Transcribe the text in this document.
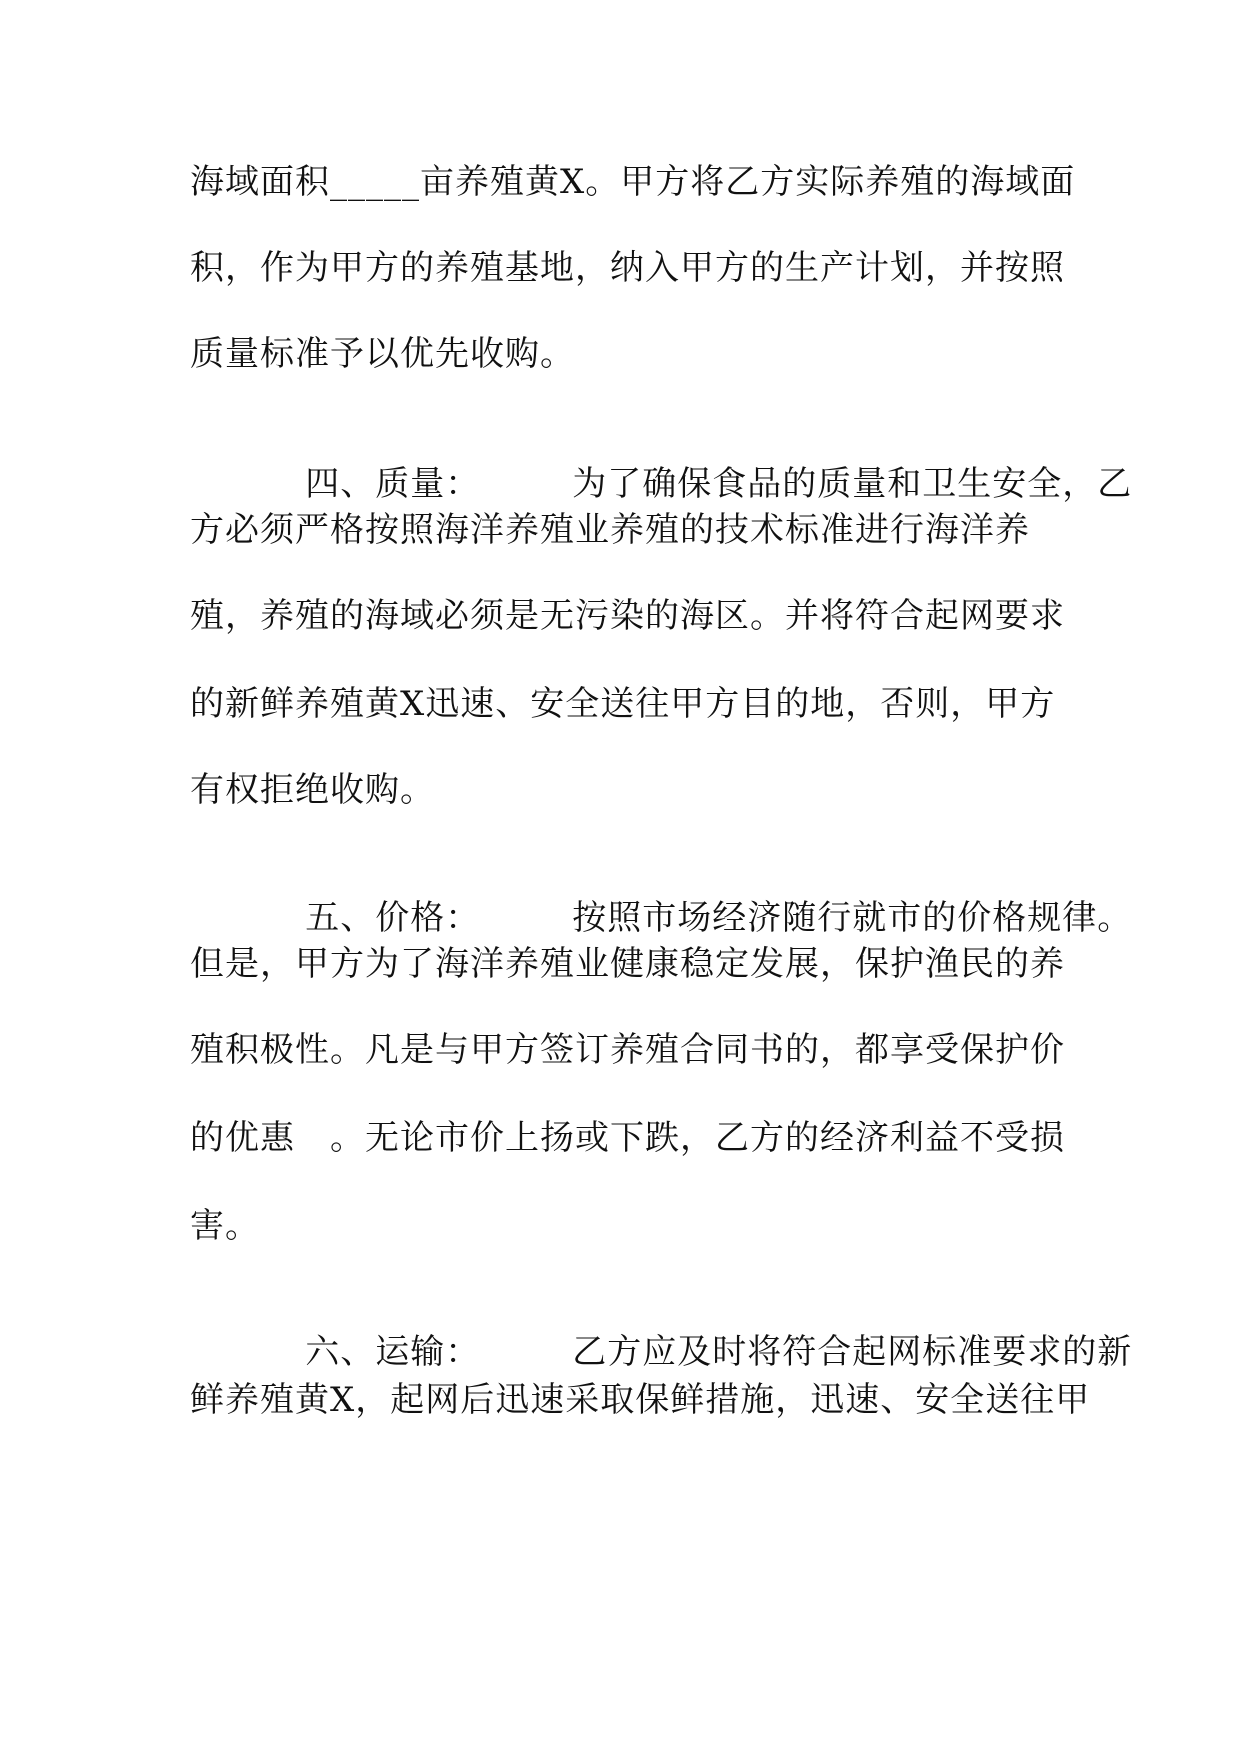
海域面积_____亩养殖黄X。甲方将乙方实际养殖的海域面
积，作为甲方的养殖基地，纳入甲方的生产计划，并按照
质量标准予以优先收购。

四、质量：	为了确保食品的质量和卫生安全，乙

方必须严格按照海洋养殖业养殖的技术标准进行海洋养
殖，养殖的海域必须是无污染的海区。并将符合起网要求
的新鲜养殖黄X迅速、安全送往甲方目的地，否则，甲方
有权拒绝收购。

五、价格：	按照市场经济随行就市的价格规律。

但是，甲方为了海洋养殖业健康稳定发展，保护渔民的养
殖积极性。凡是与甲方签订养殖合同书的，都享受保护价
的优惠　。无论市价上扬或下跌，乙方的经济利益不受损
害。

六、运输：	乙方应及时将符合起网标准要求的新

鲜养殖黄X，起网后迅速采取保鲜措施，迅速、安全送往甲
